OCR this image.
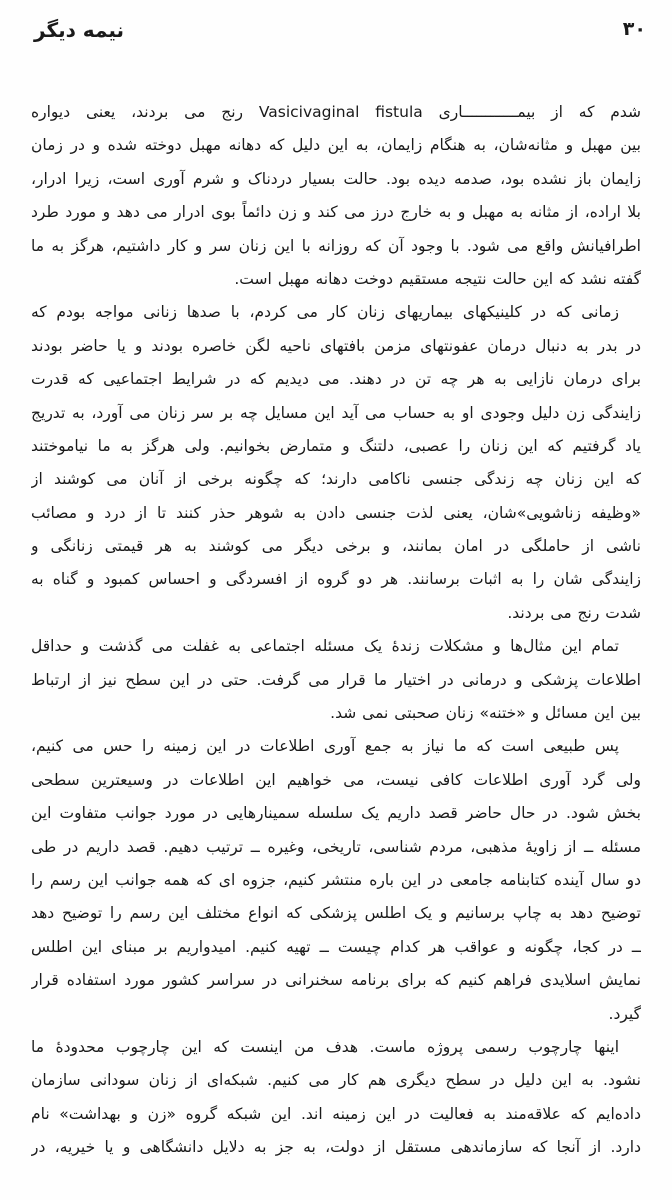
نیمه دیگر	۳۰
شدم که از بیمــــــــــــاری Vasicivaginal fistula رنج می بردند، یعنی دیواره
بین مهبل و مثانه‌شان، به هنگام زایمان، به این دلیل که دهانه مهبل دوخته شده و در زمان
زایمان باز نشده بود، صدمه دیده بود. حالت بسیار دردناک و شرم آوری است، زیرا ادرار،
بلا اراده، از مثانه به مهبل و به خارج درز می کند و زن دائماً بوی ادرار می دهد و مورد طرد
اطرافیانش واقع می شود. با وجود آن که روزانه با این زنان سر و کار داشتیم، هرگز به ما
گفته نشد که این حالت نتیجه مستقیم دوخت دهانه مهبل است.
زمانی که در کلینیکهای بیماریهای زنان کار می کردم، با صدها زنانی مواجه بودم که
در بدر به دنبال درمان عفونتهای مزمن بافتهای ناحیه لگن خاصره بودند و یا حاضر بودند
برای درمان نازایی به هر چه تن در دهند. می دیدیم که در شرایط اجتماعیی که قدرت
زایندگی زن دلیل وجودی او به حساب می آید این مسایل چه بر سر زنان می آورد، به تدریج
یاد گرفتیم که این زنان را عصبی، دلتنگ و متمارض بخوانیم. ولی هرگز به ما نیاموختند
که این زنان چه زندگی جنسی ناکامی دارند؛ که چگونه برخی از آنان می کوشند از
«وظیفه زناشویی»شان، یعنی لذت جنسی دادن به شوهر حذر کنند تا از درد و مصائب
ناشی از حاملگی در امان بمانند، و برخی دیگر می کوشند به هر قیمتی زنانگی و
زایندگی شان را به اثبات برسانند. هر دو گروه از افسردگی و احساس کمبود و گناه به
شدت رنج می بردند.
تمام این مثال‌ها و مشکلات زندهٔ یک مسئله اجتماعی به غفلت می گذشت و حداقل
اطلاعات پزشکی و درمانی در اختیار ما قرار می گرفت. حتی در این سطح نیز از ارتباط
بین این مسائل و «ختنه» زنان صحبتی نمی شد.
پس طبیعی است که ما نیاز به جمع آوری اطلاعات در این زمینه را حس می کنیم،
ولی گرد آوری اطلاعات کافی نیست، می خواهیم این اطلاعات در وسیعترین سطحی
بخش شود. در حال حاضر قصد داریم یک سلسله سمینارهایی در مورد جوانب متفاوت این
مسئله ــ از زاویهٔ مذهبی، مردم شناسی، تاریخی، وغیره ــ ترتیب دهیم. قصد داریم در طی
دو سال آینده کتابنامه جامعی در این باره منتشر کنیم، جزوه ای که همه جوانب این رسم را
توضیح دهد به چاپ برسانیم و یک اطلس پزشکی که انواع مختلف این رسم را توضیح دهد
ــ در کجا، چگونه و عواقب هر کدام چیست ــ تهیه کنیم. امیدواریم بر مبنای این اطلس
نمایش اسلایدی فراهم کنیم که برای برنامه سخنرانی در سراسر کشور مورد استفاده قرار
گیرد.
اینها چارچوب رسمی پروژه ماست. هدف من اینست که این چارچوب محدودهٔ ما
نشود. به این دلیل در سطح دیگری هم کار می کنیم. شبکه‌ای از زنان سودانی سازمان
داده‌ایم که علاقه‌مند به فعالیت در این زمینه اند. این شبکه گروه «زن و بهداشت» نام
دارد. از آنجا که سازماندهی مستقل از دولت، به جز به دلایل دانشگاهی و یا خیریه، در
